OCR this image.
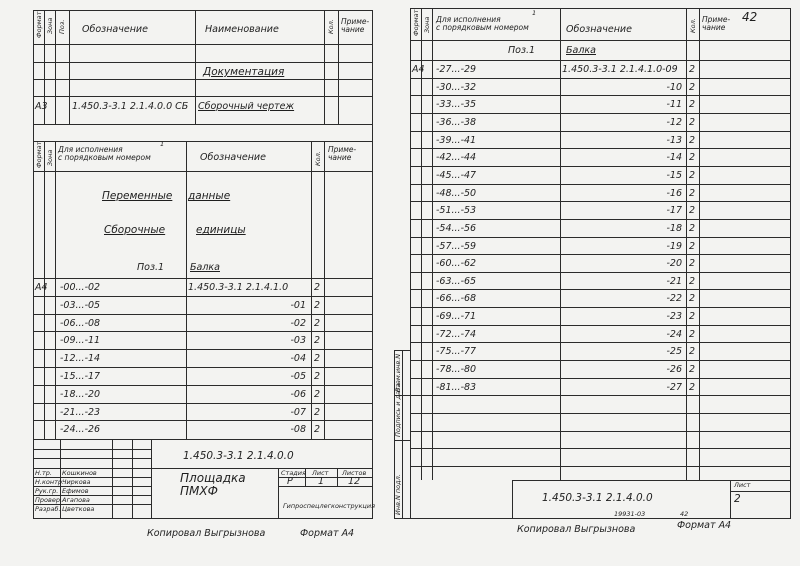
Формат Зона Поз. Обозначение	Наименование	Кол. Приме-
чание
Документация
А3	1.450.3-3.1 2.1.4.0.0 СБ Сборочный чертеж
Формат Зона
Для исполнения
с порядковым номером
1
Обозначение	Кол.
Приме-
чание
Переменные данные
Сборочные	единицы
Поз.1	Балка
А4 -00...-02	1.450.3-3.1 2.1.4.1.0	2
-03...-05	-01 2
-06...-08	-02 2
-09...-11	-03 2
-12...-14	-04 2
-15...-17	-05 2
-18...-20	-06 2
-21...-23	-07 2
-24...-26	-08 2
1.450.3-3.1 2.1.4.0.0
Площадка
ПМХФ
Стадия Лист Листов
Р	1	12
Гипроспецлегконструкция
Н.тр. Кошкинов
Н.контр.
Чиркова
Рук.гр. Ефимов
Провер. Агапова
Разраб. Цветкова
Копировал Выгрызнова	Формат А4
42
Формат Зона Для исполнения
с порядковым номером
1
Обозначение	Кол. Приме-
чание
Поз.1	Балка
А4 -27...-29	1.450.3-3.1 2.1.4.1.0-09 2
-30...-32	-10 2
-33...-35	-11 2
-36...-38	-12 2
-39...-41	-13 2
-42...-44	-14 2
-45...-47	-15 2
-48...-50	-16 2
-51...-53	-17 2
-54...-56	-18 2
-57...-59	-19 2
-60...-62	-20 2
-63...-65	-21 2
-66...-68	-22 2
-69...-71	-23 2
-72...-74	-24 2
-75...-77	-25 2
-78...-80	-26 2
-81...-83	-27 2
Инв.N подл.
Подпись и дата
Взам.инв.N
1.450.3-3.1 2.1.4.0.0
Лист
2
19931-03	42
Копировал Выгрызнова	Формат А4
